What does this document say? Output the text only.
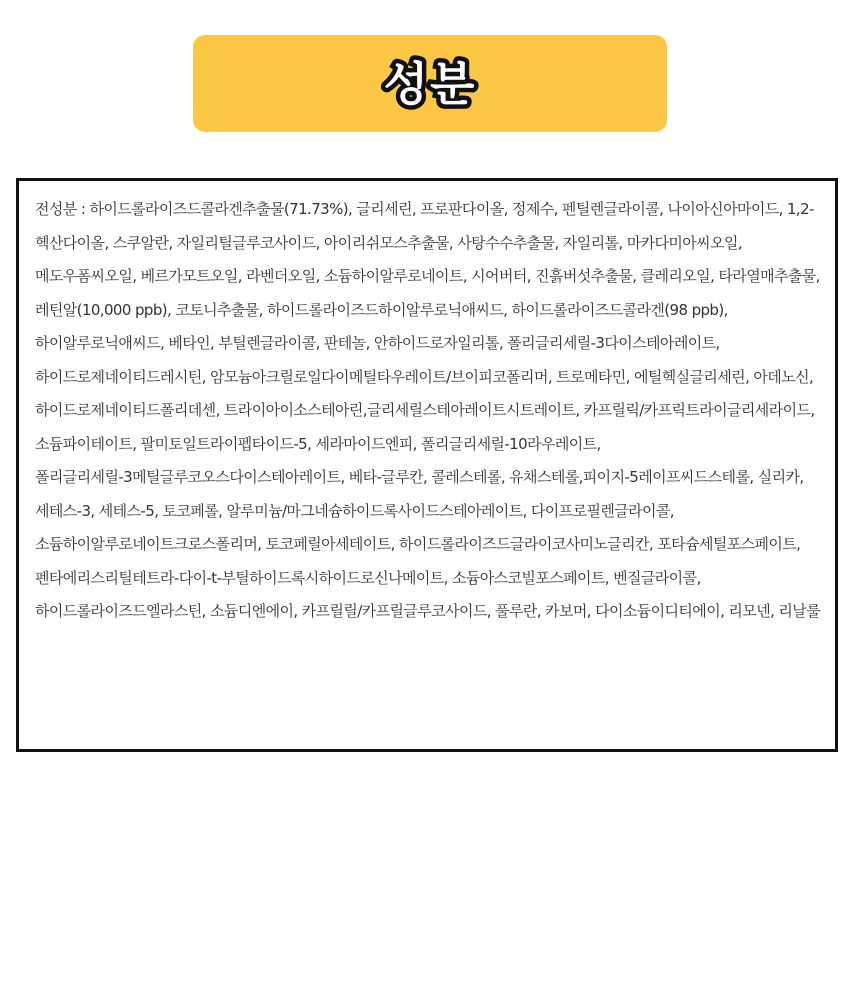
성분

전성분 : 하이드롤라이즈드콜라겐추출물(71.73%), 글리세린, 프로판다이올, 정제수, 펜틸렌글라이콜, 나이아신아마이드, 1,2-헥산다이올, 스쿠알란, 자일리틸글루코사이드, 아이리쉬모스추출물, 사탕수수추출물, 자일리톨, 마카다미아씨오일, 메도우폼씨오일, 베르가모트오일, 라벤더오일, 소듐하이알루로네이트, 시어버터, 진흙버섯추출물, 클레리오일, 타라열매추출물, 레틴알(10,000 ppb), 코토니추출물, 하이드롤라이즈드하이알루로닉애씨드, 하이드롤라이즈드콜라겐(98 ppb), 하이알루로닉애씨드, 베타인, 부틸렌글라이콜, 판테놀, 안하이드로자일리톨, 폴리글리세릴-3다이스테아레이트, 하이드로제네이티드레시틴, 암모늄아크릴로일다이메틸타우레이트/브이피코폴리머, 트로메타민, 에틸헥실글리세린, 아데노신, 하이드로제네이티드폴리데센, 트라이아이소스테아린,글리세릴스테아레이트시트레이트, 카프릴릭/카프릭트라이글리세라이드, 소듐파이테이트, 팔미토일트라이펩타이드-5, 세라마이드엔피, 폴리글리세릴-10라우레이트, 폴리글리세릴-3메틸글루코오스다이스테아레이트, 베타-글루칸, 콜레스테롤, 유채스테롤,피이지-5레이프씨드스테롤, 실리카, 세테스-3, 세테스-5, 토코페롤, 알루미늄/마그네슘하이드록사이드스테아레이트, 다이프로필렌글라이콜, 소듐하이알루로네이트크로스폴리머, 토코페릴아세테이트, 하이드롤라이즈드글라이코사미노글리칸, 포타슘세틸포스페이트, 펜타에리스리틸테트라-다이-t-부틸하이드록시하이드로신나메이트, 소듐아스코빌포스페이트, 벤질글라이콜, 하이드롤라이즈드엘라스틴, 소듐디엔에이, 카프릴릴/카프릴글루코사이드, 풀루란, 카보머, 다이소듐이디티에이, 리모넨, 리날룰
